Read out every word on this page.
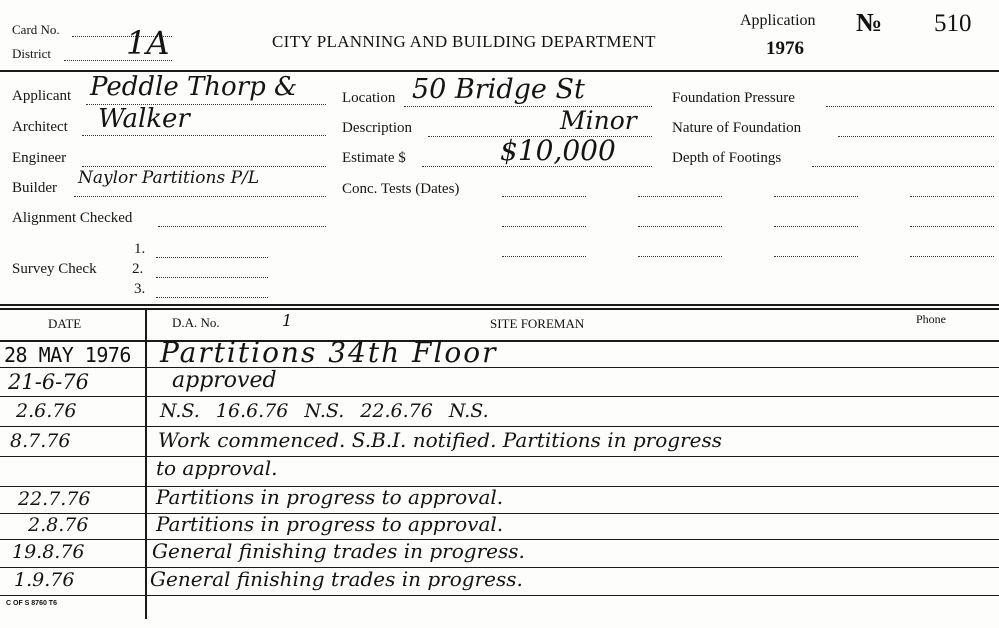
Card No.
District 1A	CITY PLANNING AND BUILDING DEPARTMENT
Application
1976
№ 510
Applicant Peddle Thorp &
Architect Walker
Engineer
Builder Naylor Partitions P/L
Alignment Checked
Survey Check
1.
2.
3.
Location 50 Bridge St
Description	Minor
Estimate $	$10,000
Conc. Tests (Dates)
Foundation Pressure
Nature of Foundation
Depth of Footings
DATE	D.A. No.	1	SITE FOREMAN	Phone
28 MAY 1976 Partitions 34th Floor
21-6-76	approved
2.6.76	N.S. 16.6.76 N.S. 22.6.76 N.S.
8.7.76	Work commenced. S.B.I. notified. Partitions in progress
to approval.
22.7.76	Partitions in progress to approval.
2.8.76	Partitions in progress to approval.
19.8.76	General finishing trades in progress.
1.9.76	General finishing trades in progress.
C OF S 8760 T6
